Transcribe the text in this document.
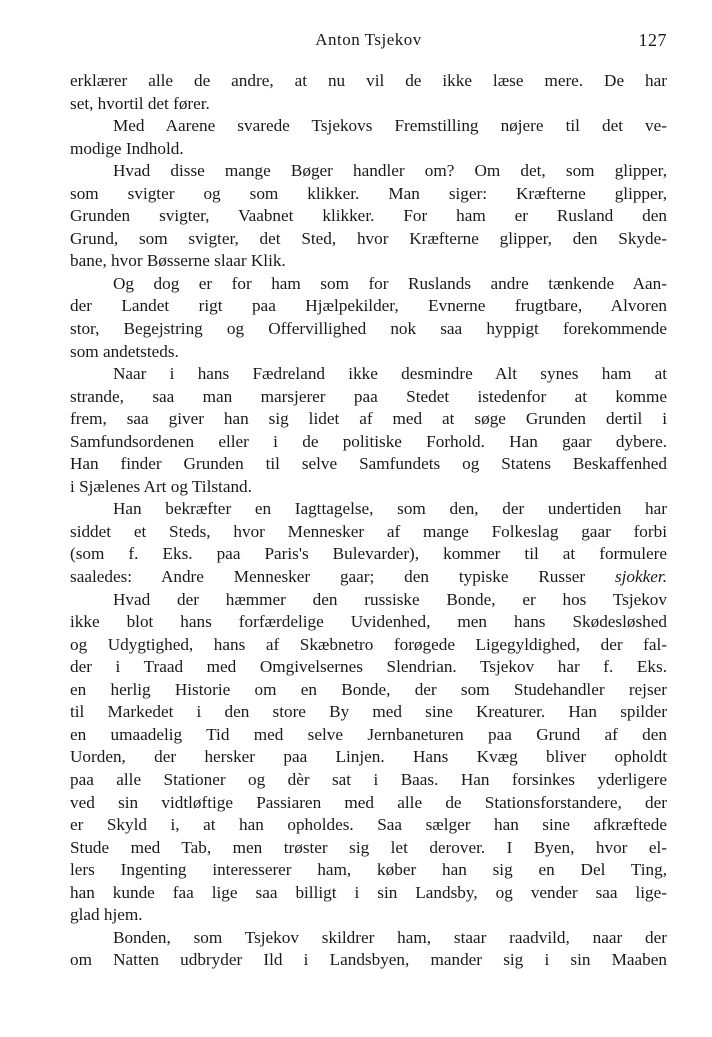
Anton Tsjekov	127
erklærer alle de andre, at nu vil de ikke læse mere. De har
set, hvortil det fører.
Med Aarene svarede Tsjekovs Fremstilling nøjere til det ve-
modige Indhold.
Hvad disse mange Bøger handler om? Om det, som glipper,
som svigter og som klikker. Man siger: Kræfterne glipper,
Grunden svigter, Vaabnet klikker. For ham er Rusland den
Grund, som svigter, det Sted, hvor Kræfterne glipper, den Skyde-
bane, hvor Bøsserne slaar Klik.
Og dog er for ham som for Ruslands andre tænkende Aan-
der Landet rigt paa Hjælpekilder, Evnerne frugtbare, Alvoren
stor, Begejstring og Offervillighed nok saa hyppigt forekommende
som andetsteds.
Naar i hans Fædreland ikke desmindre Alt synes ham at
strande, saa man marsjerer paa Stedet istedenfor at komme
frem, saa giver han sig lidet af med at søge Grunden dertil i
Samfundsordenen eller i de politiske Forhold. Han gaar dybere.
Han finder Grunden til selve Samfundets og Statens Beskaffenhed
i Sjælenes Art og Tilstand.
Han bekræfter en Iagttagelse, som den, der undertiden har
siddet et Steds, hvor Mennesker af mange Folkeslag gaar forbi
(som f. Eks. paa Paris's Bulevarder), kommer til at formulere
saaledes: Andre Mennesker gaar; den typiske Russer sjokker.
Hvad der hæmmer den russiske Bonde, er hos Tsjekov
ikke blot hans forfærdelige Uvidenhed, men hans Skødesløshed
og Udygtighed, hans af Skæbnetro forøgede Ligegyldighed, der fal-
der i Traad med Omgivelsernes Slendrian. Tsjekov har f. Eks.
en herlig Historie om en Bonde, der som Studehandler rejser
til Markedet i den store By med sine Kreaturer. Han spilder
en umaadelig Tid med selve Jernbaneturen paa Grund af den
Uorden, der hersker paa Linjen. Hans Kvæg bliver opholdt
paa alle Stationer og dèr sat i Baas. Han forsinkes yderligere
ved sin vidtløftige Passiaren med alle de Stationsforstandere, der
er Skyld i, at han opholdes. Saa sælger han sine afkræftede
Stude med Tab, men trøster sig let derover. I Byen, hvor el-
lers Ingenting interesserer ham, køber han sig en Del Ting,
han kunde faa lige saa billigt i sin Landsby, og vender saa lige-
glad hjem.
Bonden, som Tsjekov skildrer ham, staar raadvild, naar der
om Natten udbryder Ild i Landsbyen, mander sig i sin Maaben
